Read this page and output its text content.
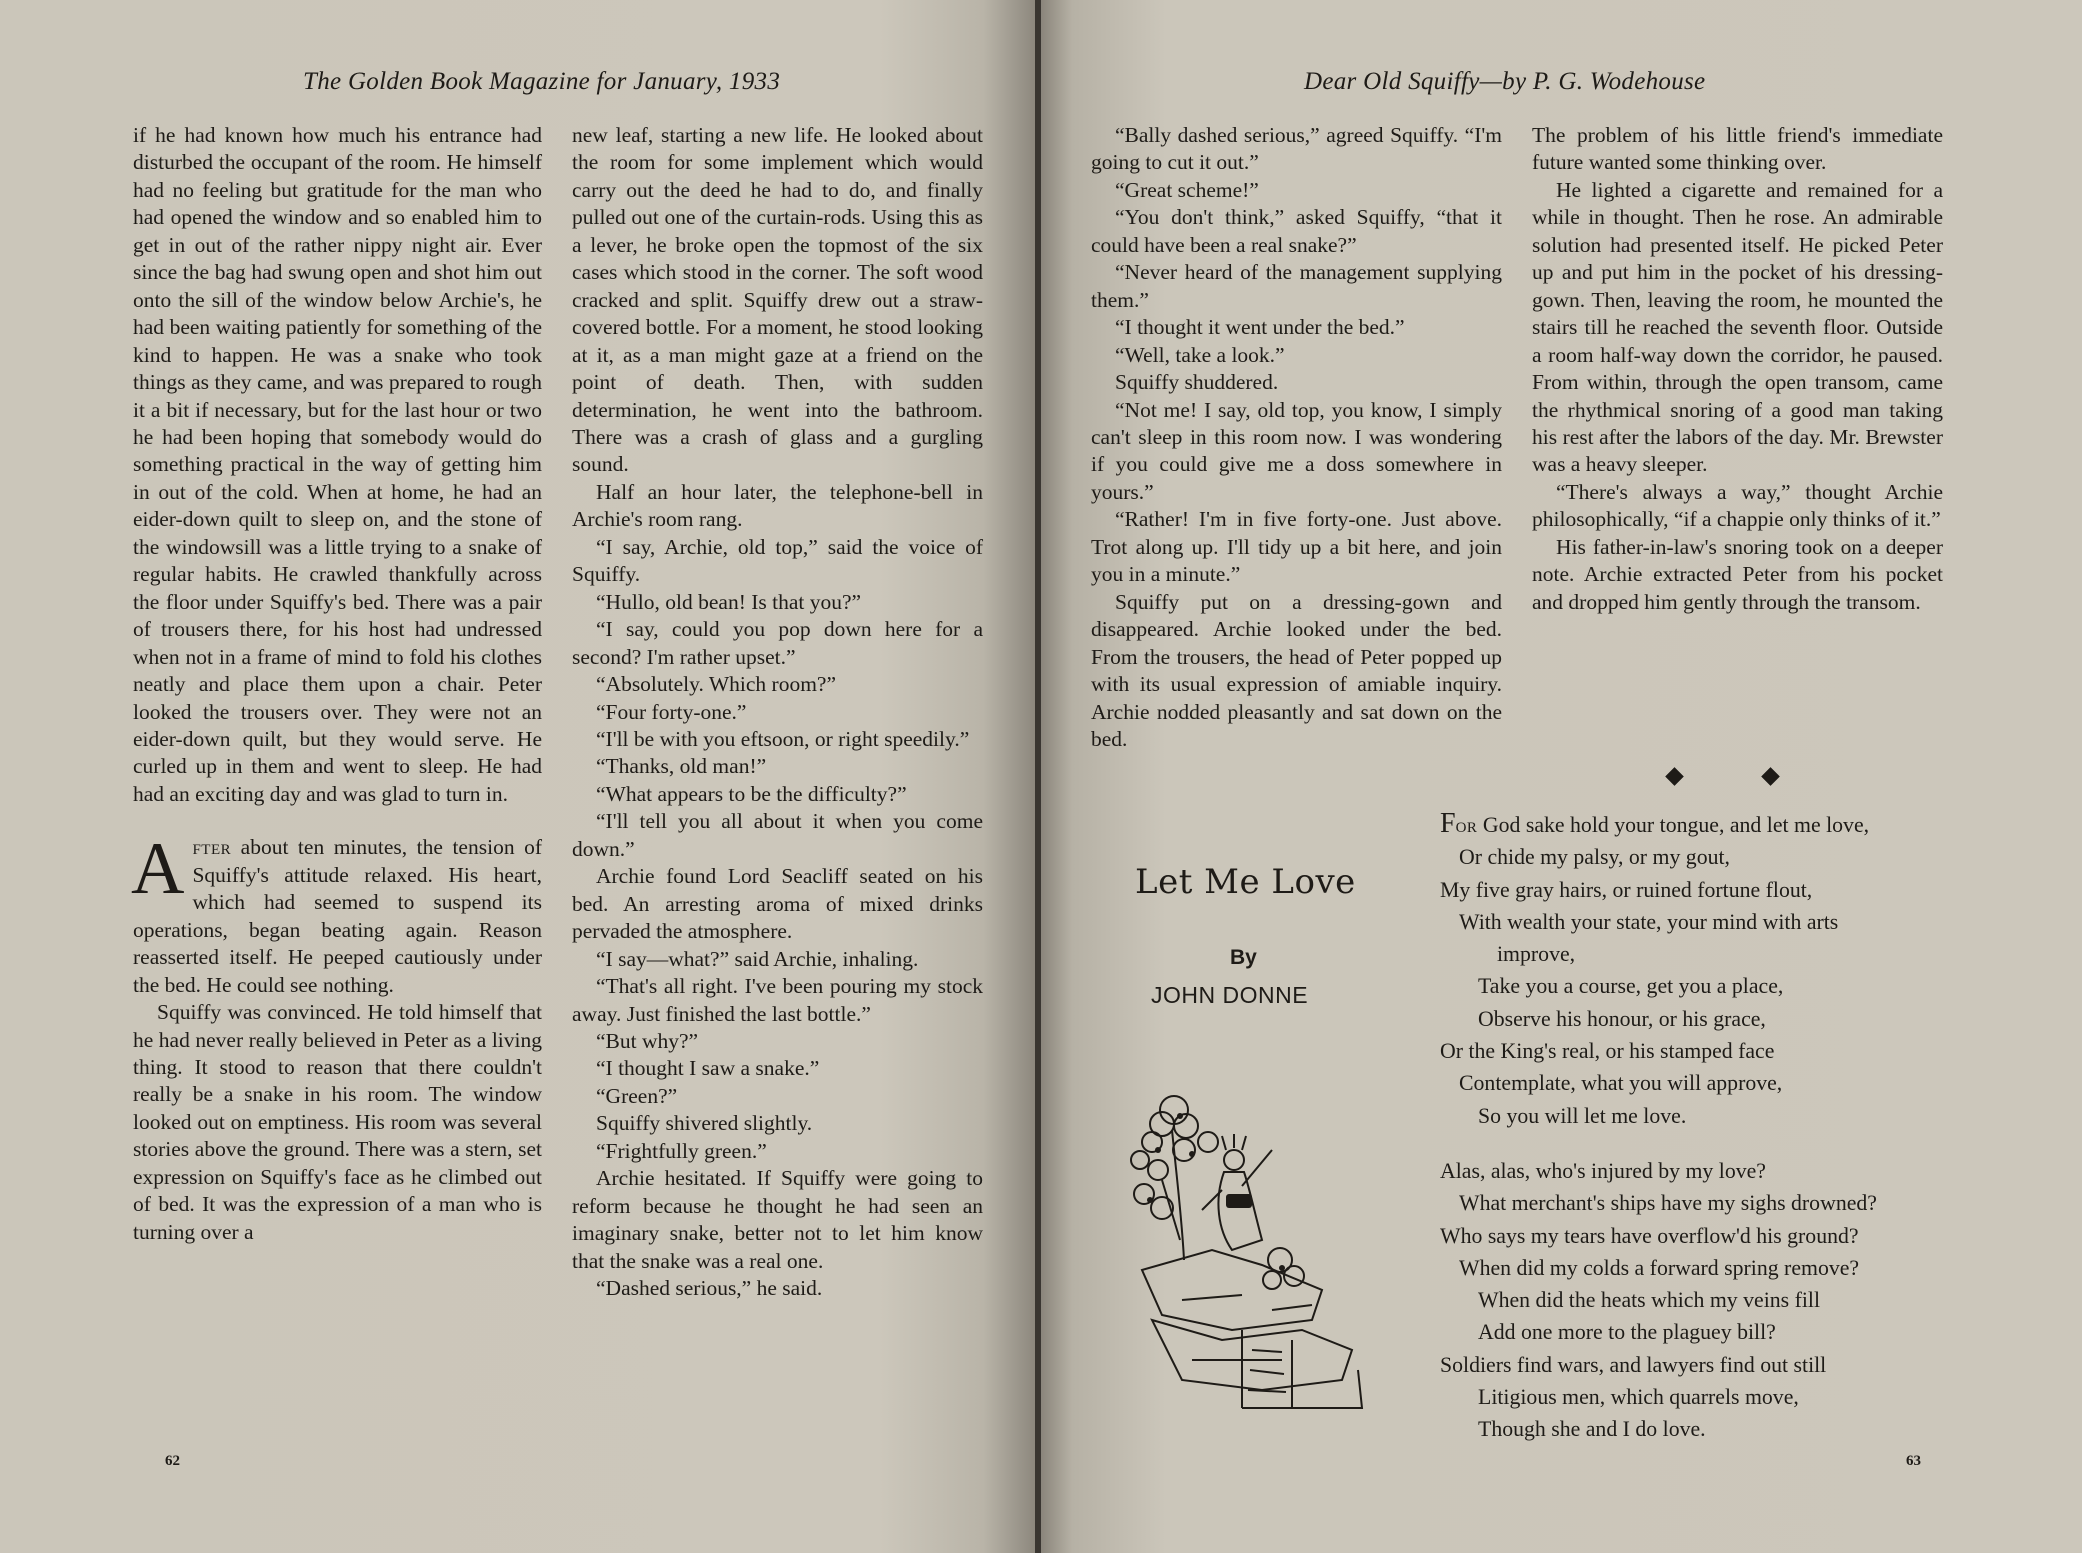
The Golden Book Magazine for January, 1933

if he had known how much his entrance had disturbed the occupant of the room. He himself had no feeling but gratitude for the man who had opened the window and so enabled him to get in out of the rather nippy night air. Ever since the bag had swung open and shot him out onto the sill of the window below Archie's, he had been waiting patiently for something of the kind to happen. He was a snake who took things as they came, and was prepared to rough it a bit if necessary, but for the last hour or two he had been hoping that somebody would do something practical in the way of getting him in out of the cold. When at home, he had an eider-down quilt to sleep on, and the stone of the windowsill was a little trying to a snake of regular habits. He crawled thankfully across the floor under Squiffy's bed. There was a pair of trousers there, for his host had undressed when not in a frame of mind to fold his clothes neatly and place them upon a chair. Peter looked the trousers over. They were not an eider-down quilt, but they would serve. He curled up in them and went to sleep. He had had an exciting day and was glad to turn in.

After about ten minutes, the tension of Squiffy's attitude relaxed. His heart, which had seemed to suspend its operations, began beating again. Reason reasserted itself. He peeped cautiously under the bed. He could see nothing.

Squiffy was convinced. He told himself that he had never really believed in Peter as a living thing. It stood to reason that there couldn't really be a snake in his room. The window looked out on emptiness. His room was several stories above the ground. There was a stern, set expression on Squiffy's face as he climbed out of bed. It was the expression of a man who is turning over a

new leaf, starting a new life. He looked about the room for some implement which would carry out the deed he had to do, and finally pulled out one of the curtain-rods. Using this as a lever, he broke open the topmost of the six cases which stood in the corner. The soft wood cracked and split. Squiffy drew out a straw-covered bottle. For a moment, he stood looking at it, as a man might gaze at a friend on the point of death. Then, with sudden determination, he went into the bathroom. There was a crash of glass and a gurgling sound.

Half an hour later, the telephone-bell in Archie's room rang.

“I say, Archie, old top,” said the voice of Squiffy.

“Hullo, old bean! Is that you?”

“I say, could you pop down here for a second? I'm rather upset.”

“Absolutely. Which room?”

“Four forty-one.”

“I'll be with you eftsoon, or right speedily.”

“Thanks, old man!”

“What appears to be the difficulty?”

“I'll tell you all about it when you come down.”

Archie found Lord Seacliff seated on his bed. An arresting aroma of mixed drinks pervaded the atmosphere.

“I say—what?” said Archie, inhaling.

“That's all right. I've been pouring my stock away. Just finished the last bottle.”

“But why?”

“I thought I saw a snake.”

“Green?”

Squiffy shivered slightly.

“Frightfully green.”

Archie hesitated. If Squiffy were going to reform because he thought he had seen an imaginary snake, better not to let him know that the snake was a real one.

“Dashed serious,” he said.

62
Dear Old Squiffy—by P. G. Wodehouse

“Bally dashed serious,” agreed Squiffy. “I'm going to cut it out.”

“Great scheme!”

“You don't think,” asked Squiffy, “that it could have been a real snake?”

“Never heard of the management supplying them.”

“I thought it went under the bed.”

“Well, take a look.”

Squiffy shuddered.

“Not me! I say, old top, you know, I simply can't sleep in this room now. I was wondering if you could give me a doss somewhere in yours.”

“Rather! I'm in five forty-one. Just above. Trot along up. I'll tidy up a bit here, and join you in a minute.”

Squiffy put on a dressing-gown and disappeared. Archie looked under the bed. From the trousers, the head of Peter popped up with its usual expression of amiable inquiry. Archie nodded pleasantly and sat down on the bed.

The problem of his little friend's immediate future wanted some thinking over.

He lighted a cigarette and remained for a while in thought. Then he rose. An admirable solution had presented itself. He picked Peter up and put him in the pocket of his dressing-gown. Then, leaving the room, he mounted the stairs till he reached the seventh floor. Outside a room half-way down the corridor, he paused. From within, through the open transom, came the rhythmical snoring of a good man taking his rest after the labors of the day. Mr. Brewster was a heavy sleeper.

“There's always a way,” thought Archie philosophically, “if a chappie only thinks of it.”

His father-in-law's snoring took on a deeper note. Archie extracted Peter from his pocket and dropped him gently through the transom.

63
Let Me Love
By
JOHN DONNE
For God sake hold your tongue, and let me love,
Or chide my palsy, or my gout,
My five gray hairs, or ruined fortune flout,
With wealth your state, your mind with arts
improve,
Take you a course, get you a place,
Observe his honour, or his grace,
Or the King's real, or his stamped face
Contemplate, what you will approve,
So you will let me love.
Alas, alas, who's injured by my love?
What merchant's ships have my sighs drowned?
Who says my tears have overflow'd his ground?
When did my colds a forward spring remove?
When did the heats which my veins fill
Add one more to the plaguey bill?
Soldiers find wars, and lawyers find out still
Litigious men, which quarrels move,
Though she and I do love.
